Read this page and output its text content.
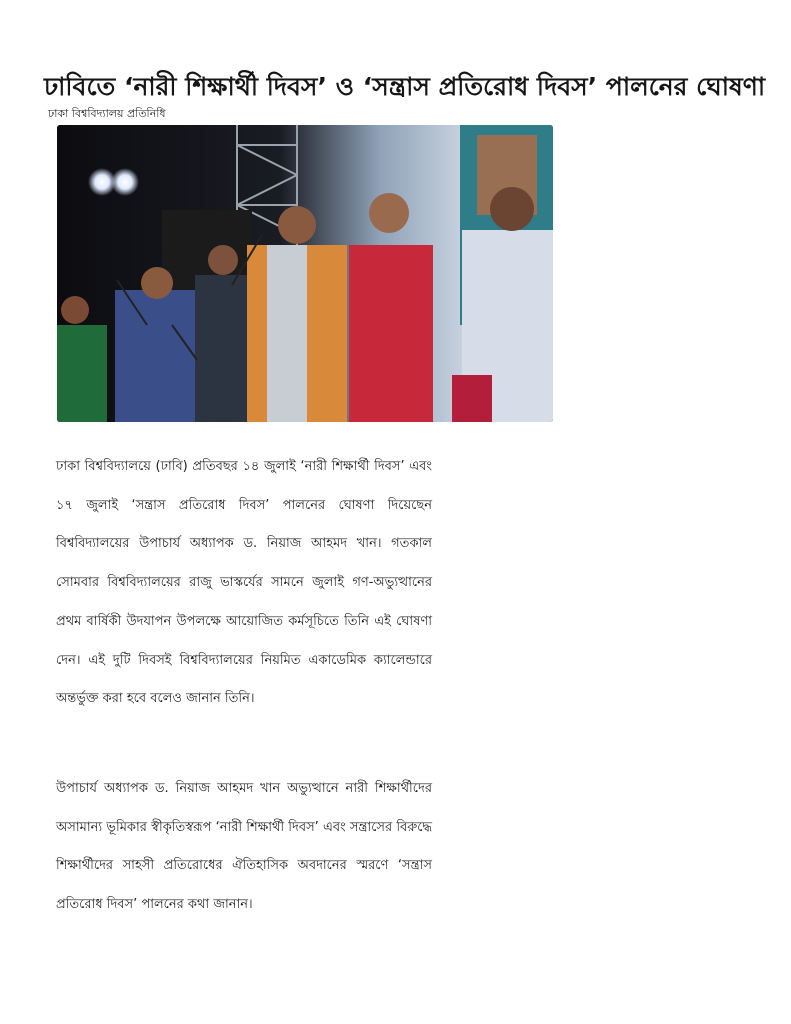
ঢাবিতে ‘নারী শিক্ষার্থী দিবস’ ও ‘সন্ত্রাস প্রতিরোধ দিবস’ পালনের ঘোষণা
ঢাকা বিশ্ববিদ্যালয় প্রতিনিধি
ঢাকা বিশ্ববিদ্যালয়ে (ঢাবি) প্রতিবছর ১৪ জুলাই ‘নারী শিক্ষার্থী দিবস’ এবং ১৭ জুলাই ‘সন্ত্রাস প্রতিরোধ দিবস’ পালনের ঘোষণা দিয়েছেন বিশ্ববিদ্যালয়ের উপাচার্য অধ্যাপক ড. নিয়াজ আহমদ খান। গতকাল সোমবার বিশ্ববিদ্যালয়ের রাজু ভাস্কর্যের সামনে জুলাই গণ-অভ্যুত্থানের প্রথম বার্ষিকী উদযাপন উপলক্ষে আয়োজিত কর্মসূচিতে তিনি এই ঘোষণা দেন। এই দুটি দিবসই বিশ্ববিদ্যালয়ের নিয়মিত একাডেমিক ক্যালেন্ডারে অন্তর্ভুক্ত করা হবে বলেও জানান তিনি।
উপাচার্য অধ্যাপক ড. নিয়াজ আহমদ খান অভ্যুত্থানে নারী শিক্ষার্থীদের অসামান্য ভূমিকার স্বীকৃতিস্বরূপ ‘নারী শিক্ষার্থী দিবস’ এবং সন্ত্রাসের বিরুদ্ধে শিক্ষার্থীদের সাহসী প্রতিরোধের ঐতিহাসিক অবদানের স্মরণে ‘সন্ত্রাস প্রতিরোধ দিবস’ পালনের কথা জানান।
